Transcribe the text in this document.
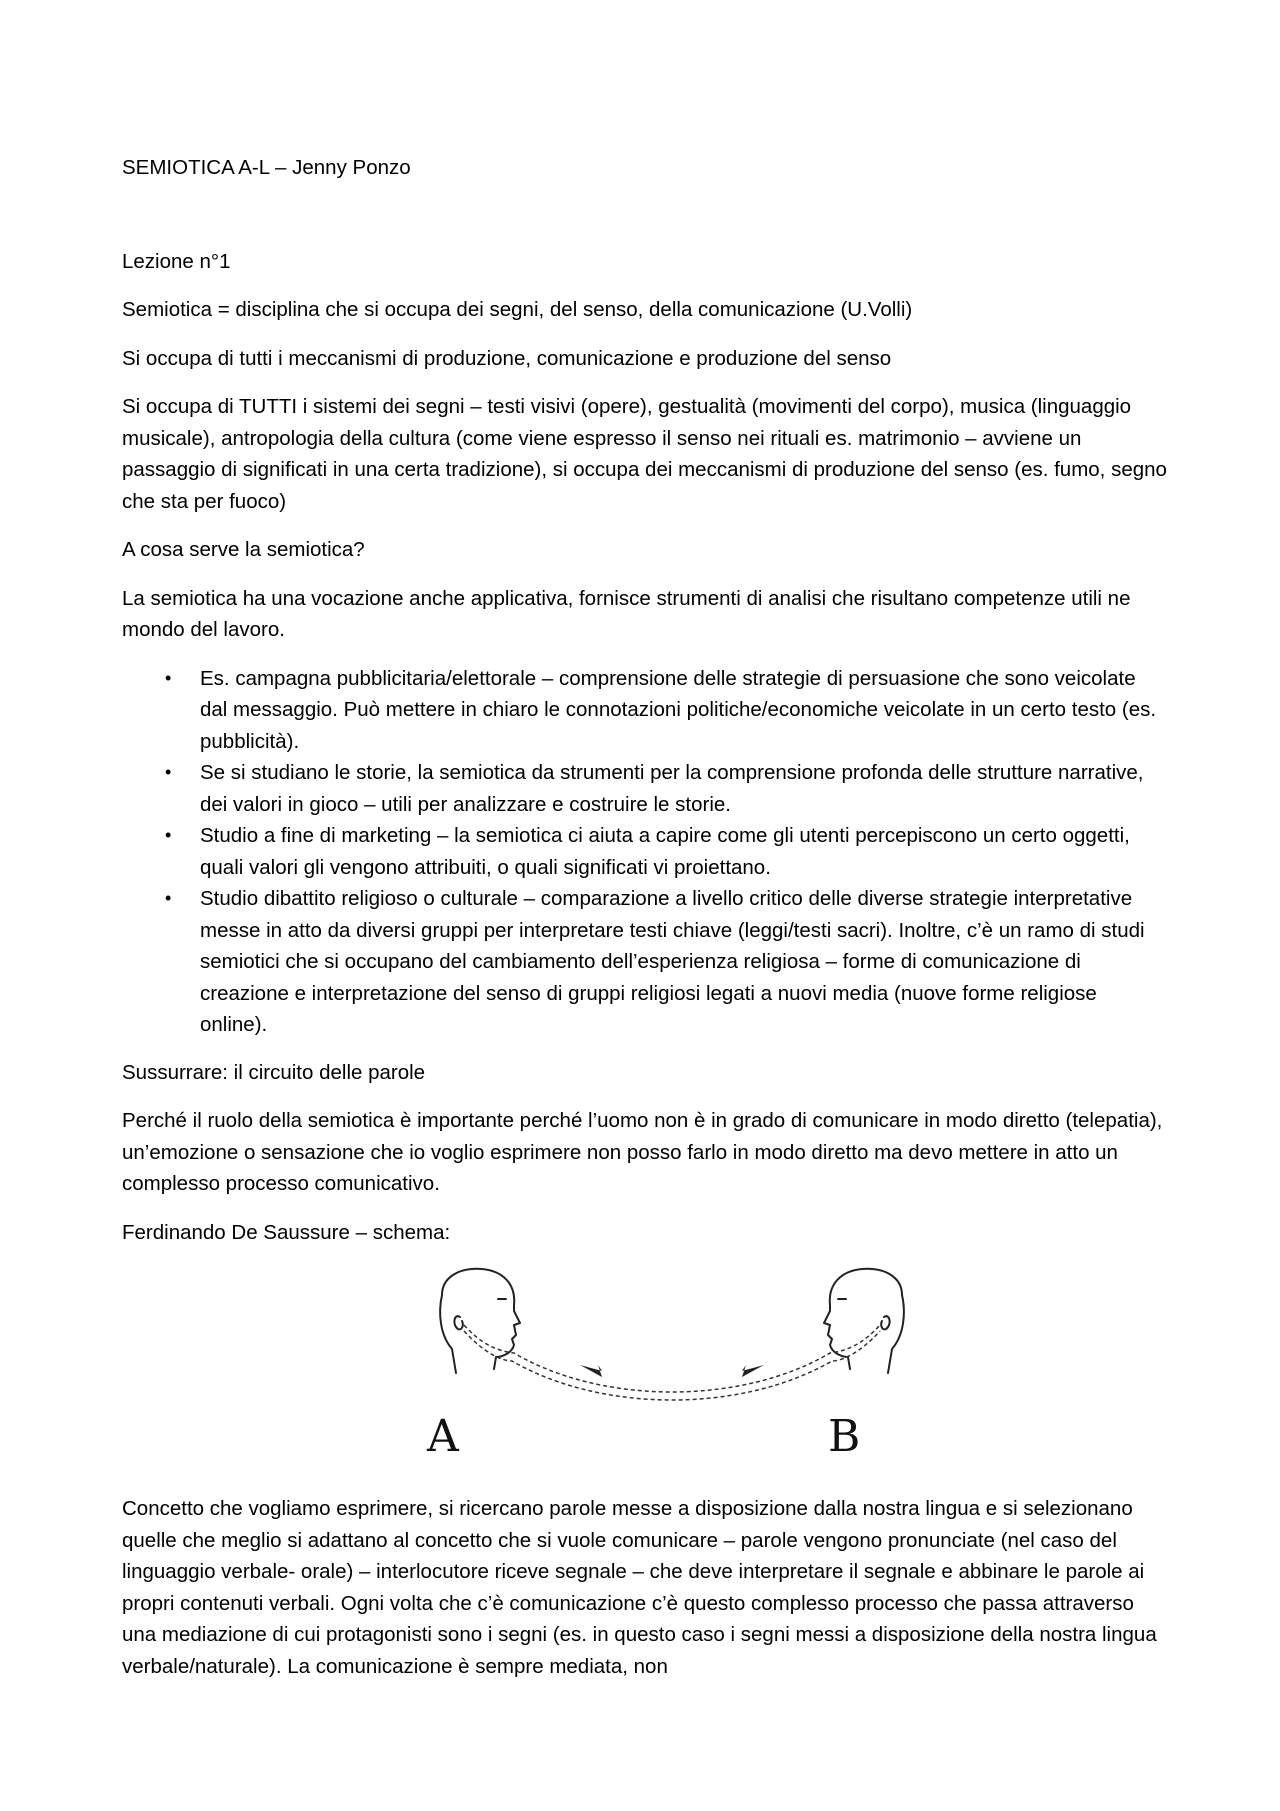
SEMIOTICA A-L – Jenny Ponzo

Lezione n°1

Semiotica = disciplina che si occupa dei segni, del senso, della comunicazione (U.Volli)

Si occupa di tutti i meccanismi di produzione, comunicazione e produzione del senso

Si occupa di TUTTI i sistemi dei segni – testi visivi (opere), gestualità (movimenti del corpo), musica (linguaggio musicale), antropologia della cultura (come viene espresso il senso nei rituali es. matrimonio – avviene un passaggio di significati in una certa tradizione), si occupa dei meccanismi di produzione del senso (es. fumo, segno che sta per fuoco)

A cosa serve la semiotica?

La semiotica ha una vocazione anche applicativa, fornisce strumenti di analisi che risultano competenze utili ne mondo del lavoro.

• Es. campagna pubblicitaria/elettorale – comprensione delle strategie di persuasione che sono veicolate dal messaggio. Può mettere in chiaro le connotazioni politiche/economiche veicolate in un certo testo (es. pubblicità).
• Se si studiano le storie, la semiotica da strumenti per la comprensione profonda delle strutture narrative, dei valori in gioco – utili per analizzare e costruire le storie.
• Studio a fine di marketing – la semiotica ci aiuta a capire come gli utenti percepiscono un certo oggetti, quali valori gli vengono attribuiti, o quali significati vi proiettano.
• Studio dibattito religioso o culturale – comparazione a livello critico delle diverse strategie interpretative messe in atto da diversi gruppi per interpretare testi chiave (leggi/testi sacri). Inoltre, c’è un ramo di studi semiotici che si occupano del cambiamento dell’esperienza religiosa – forme di comunicazione di creazione e interpretazione del senso di gruppi religiosi legati a nuovi media (nuove forme religiose online).

Sussurrare: il circuito delle parole

Perché il ruolo della semiotica è importante perché l’uomo non è in grado di comunicare in modo diretto (telepatia), un’emozione o sensazione che io voglio esprimere non posso farlo in modo diretto ma devo mettere in atto un complesso processo comunicativo.

Ferdinando De Saussure – schema:

A	B

Concetto che vogliamo esprimere, si ricercano parole messe a disposizione dalla nostra lingua e si selezionano quelle che meglio si adattano al concetto che si vuole comunicare – parole vengono pronunciate (nel caso del linguaggio verbale- orale) – interlocutore riceve segnale – che deve interpretare il segnale e abbinare le parole ai propri contenuti verbali. Ogni volta che c’è comunicazione c’è questo complesso processo che passa attraverso una mediazione di cui protagonisti sono i segni (es. in questo caso i segni messi a disposizione della nostra lingua verbale/naturale). La comunicazione è sempre mediata, non
